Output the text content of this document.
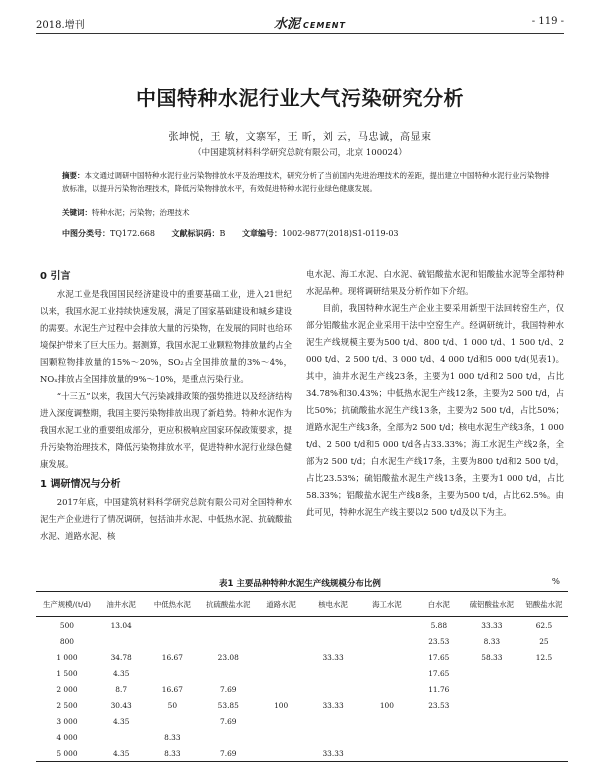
2018.增刊	水泥 CEMENT	- 119 -
中国特种水泥行业大气污染研究分析
张坤悦，王 敏，文寨军，王 昕，刘 云，马忠诚，高显束
（中国建筑材料科学研究总院有限公司，北京 100024）
摘要：本文通过调研中国特种水泥行业污染物排放水平及治理技术，研究分析了当前国内先进治理技术的差距，提出建立中国特种水泥行业污染物排放标准，以提升污染物治理技术，降低污染物排放水平，有效促进特种水泥行业绿色健康发展。
关键词：特种水泥；污染物；治理技术
中图分类号：TQ172.668 文献标识码：B 文章编号：1002-9877(2018)S1-0119-03
0 引言

水泥工业是我国国民经济建设中的重要基础工业，进入21世纪以来，我国水泥工业持续快速发展，满足了国家基础建设和城乡建设的需要。水泥生产过程中会排放大量的污染物，在发展的同时也给环境保护带来了巨大压力。据测算，我国水泥工业颗粒物排放量约占全国颗粒物排放量的15%～20%，SO₂占全国排放量的3%～4%，NOₓ排放占全国排放量的9%～10%，是重点污染行业。

“十三五”以来，我国大气污染减排政策的强势推进以及经济结构进入深度调整期，我国主要污染物排放出现了新趋势。特种水泥作为我国水泥工业的重要组成部分，更应积极响应国家环保政策要求，提升污染物治理技术，降低污染物排放水平，促进特种水泥行业绿色健康发展。

1 调研情况与分析

2017年底，中国建筑材料科学研究总院有限公司对全国特种水泥生产企业进行了情况调研，包括油井水泥、中低热水泥、抗硫酸盐水泥、道路水泥、核

电水泥、海工水泥、白水泥、硫铝酸盐水泥和铝酸盐水泥等全部特种水泥品种。现将调研结果及分析作如下介绍。

目前，我国特种水泥生产企业主要采用新型干法回转窑生产，仅部分铝酸盐水泥企业采用干法中空窑生产。经调研统计，我国特种水泥生产线规模主要为500 t/d、800 t/d、1 000 t/d、1 500 t/d、2 000 t/d、2 500 t/d、3 000 t/d、4 000 t/d和5 000 t/d(见表1)。其中，油井水泥生产线23条，主要为1 000 t/d和2 500 t/d，占比34.78%和30.43%；中低热水泥生产线12条，主要为2 500 t/d，占比50%；抗硫酸盐水泥生产线13条，主要为2 500 t/d，占比50%；道路水泥生产线3条，全部为2 500 t/d；核电水泥生产线3条，1 000 t/d、2 500 t/d和5 000 t/d各占33.33%；海工水泥生产线2条，全部为2 500 t/d；白水泥生产线17条，主要为800 t/d和2 500 t/d，占比23.53%；硫铝酸盐水泥生产线13条，主要为1 000 t/d，占比58.33%；铝酸盐水泥生产线8条，主要为500 t/d，占比62.5%。由此可见，特种水泥生产线主要以2 500 t/d及以下为主。

表1 主要品种特种水泥生产线规模分布比例	%
生产规模/(t/d)	油井水泥	中低热水泥	抗硫酸盐水泥	道路水泥	核电水泥	海工水泥	白水泥	硫铝酸盐水泥	铝酸盐水泥
500	13.04						5.88	33.33	62.5
800							23.53	8.33	25
1 000	34.78	16.67	23.08		33.33		17.65	58.33	12.5
1 500	4.35						17.65		
2 000	8.7	16.67	7.69				11.76		
2 500	30.43	50	53.85	100	33.33	100	23.53		
3 000	4.35		7.69						
4 000		8.33							
5 000	4.35	8.33	7.69		33.33				
